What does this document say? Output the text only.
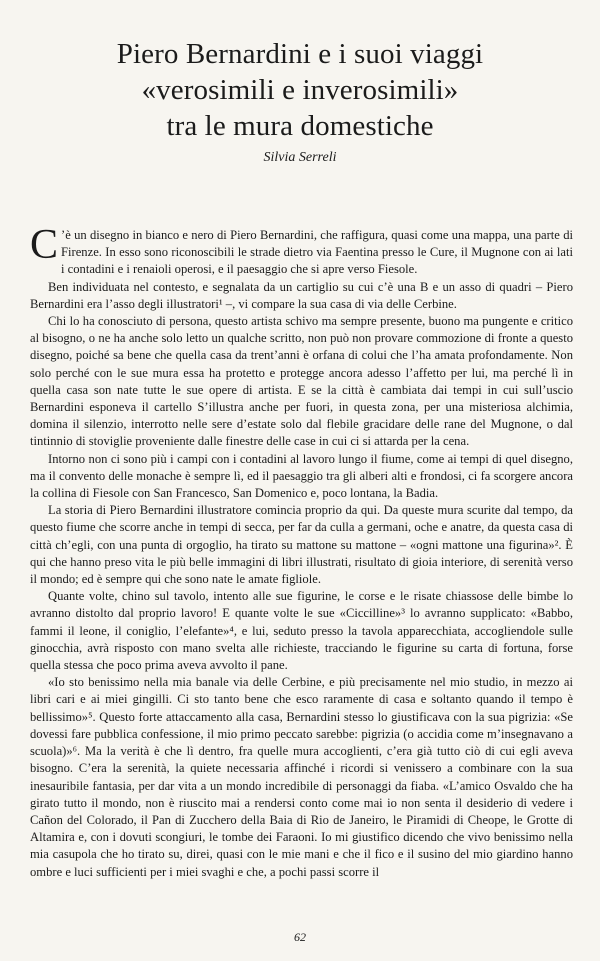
Piero Bernardini e i suoi viaggi
«verosimili e inverosimili»
tra le mura domestiche
Silvia Serreli

C ’è un disegno in bianco e nero di Piero Bernardini, che raffigura, quasi come una mappa, una parte di Firenze. In esso sono riconoscibili le strade dietro via Faentina presso le Cure, il Mugnone con ai lati i contadini e i renaioli operosi, e il paesaggio che si apre verso Fiesole.

Ben individuata nel contesto, e segnalata da un cartiglio su cui c’è una B e un asso di quadri – Piero Bernardini era l’asso degli illustratori¹ –, vi compare la sua casa di via delle Cerbine.

Chi lo ha conosciuto di persona, questo artista schivo ma sempre presente, buono ma pungente e critico al bisogno, o ne ha anche solo letto un qualche scritto, non può non provare commozione di fronte a questo disegno, poiché sa bene che quella casa da trent’anni è orfana di colui che l’ha amata profondamente. Non solo perché con le sue mura essa ha protetto e protegge ancora adesso l’affetto per lui, ma perché lì in quella casa son nate tutte le sue opere di artista. E se la città è cambiata dai tempi in cui sull’uscio Bernardini esponeva il cartello S’illustra anche per fuori, in questa zona, per una misteriosa alchimia, domina il silenzio, interrotto nelle sere d’estate solo dal flebile gracidare delle rane del Mugnone, o dal tintinnio di stoviglie proveniente dalle finestre delle case in cui ci si attarda per la cena.

Intorno non ci sono più i campi con i contadini al lavoro lungo il fiume, come ai tempi di quel disegno, ma il convento delle monache è sempre lì, ed il paesaggio tra gli alberi alti e frondosi, ci fa scorgere ancora la collina di Fiesole con San Francesco, San Domenico e, poco lontana, la Badia.

La storia di Piero Bernardini illustratore comincia proprio da qui. Da queste mura scurite dal tempo, da questo fiume che scorre anche in tempi di secca, per far da culla a germani, oche e anatre, da questa casa di città ch’egli, con una punta di orgoglio, ha tirato su mattone su mattone – «ogni mattone una figurina»². È qui che hanno preso vita le più belle immagini di libri illustrati, risultato di gioia interiore, di serenità verso il mondo; ed è sempre qui che sono nate le amate figliole.

Quante volte, chino sul tavolo, intento alle sue figurine, le corse e le risate chiassose delle bimbe lo avranno distolto dal proprio lavoro! E quante volte le sue «Ciccilline»³ lo avranno supplicato: «Babbo, fammi il leone, il coniglio, l’elefante»⁴, e lui, seduto presso la tavola apparecchiata, accogliendole sulle ginocchia, avrà risposto con mano svelta alle richieste, tracciando le figurine su carta di fortuna, forse quella stessa che poco prima aveva avvolto il pane.

«Io sto benissimo nella mia banale via delle Cerbine, e più precisamente nel mio studio, in mezzo ai libri cari e ai miei gingilli. Ci sto tanto bene che esco raramente di casa e soltanto quando il tempo è bellissimo»⁵. Questo forte attaccamento alla casa, Bernardini stesso lo giustificava con la sua pigrizia: «Se dovessi fare pubblica confessione, il mio primo peccato sarebbe: pigrizia (o accidia come m’insegnavano a scuola)»⁶. Ma la verità è che lì dentro, fra quelle mura accoglienti, c’era già tutto ciò di cui egli aveva bisogno. C’era la serenità, la quiete necessaria affinché i ricordi si venissero a combinare con la sua inesauribile fantasia, per dar vita a un mondo incredibile di personaggi da fiaba. «L’amico Osvaldo che ha girato tutto il mondo, non è riuscito mai a rendersi conto come mai io non senta il desiderio di vedere i Cañon del Colorado, il Pan di Zucchero della Baia di Rio de Janeiro, le Piramidi di Cheope, le Grotte di Altamira e, con i dovuti scongiuri, le tombe dei Faraoni. Io mi giustifico dicendo che vivo benissimo nella mia casupola che ho tirato su, direi, quasi con le mie mani e che il fico e il susino del mio giardino hanno ombre e luci sufficienti per i miei svaghi e che, a pochi passi scorre il

62
